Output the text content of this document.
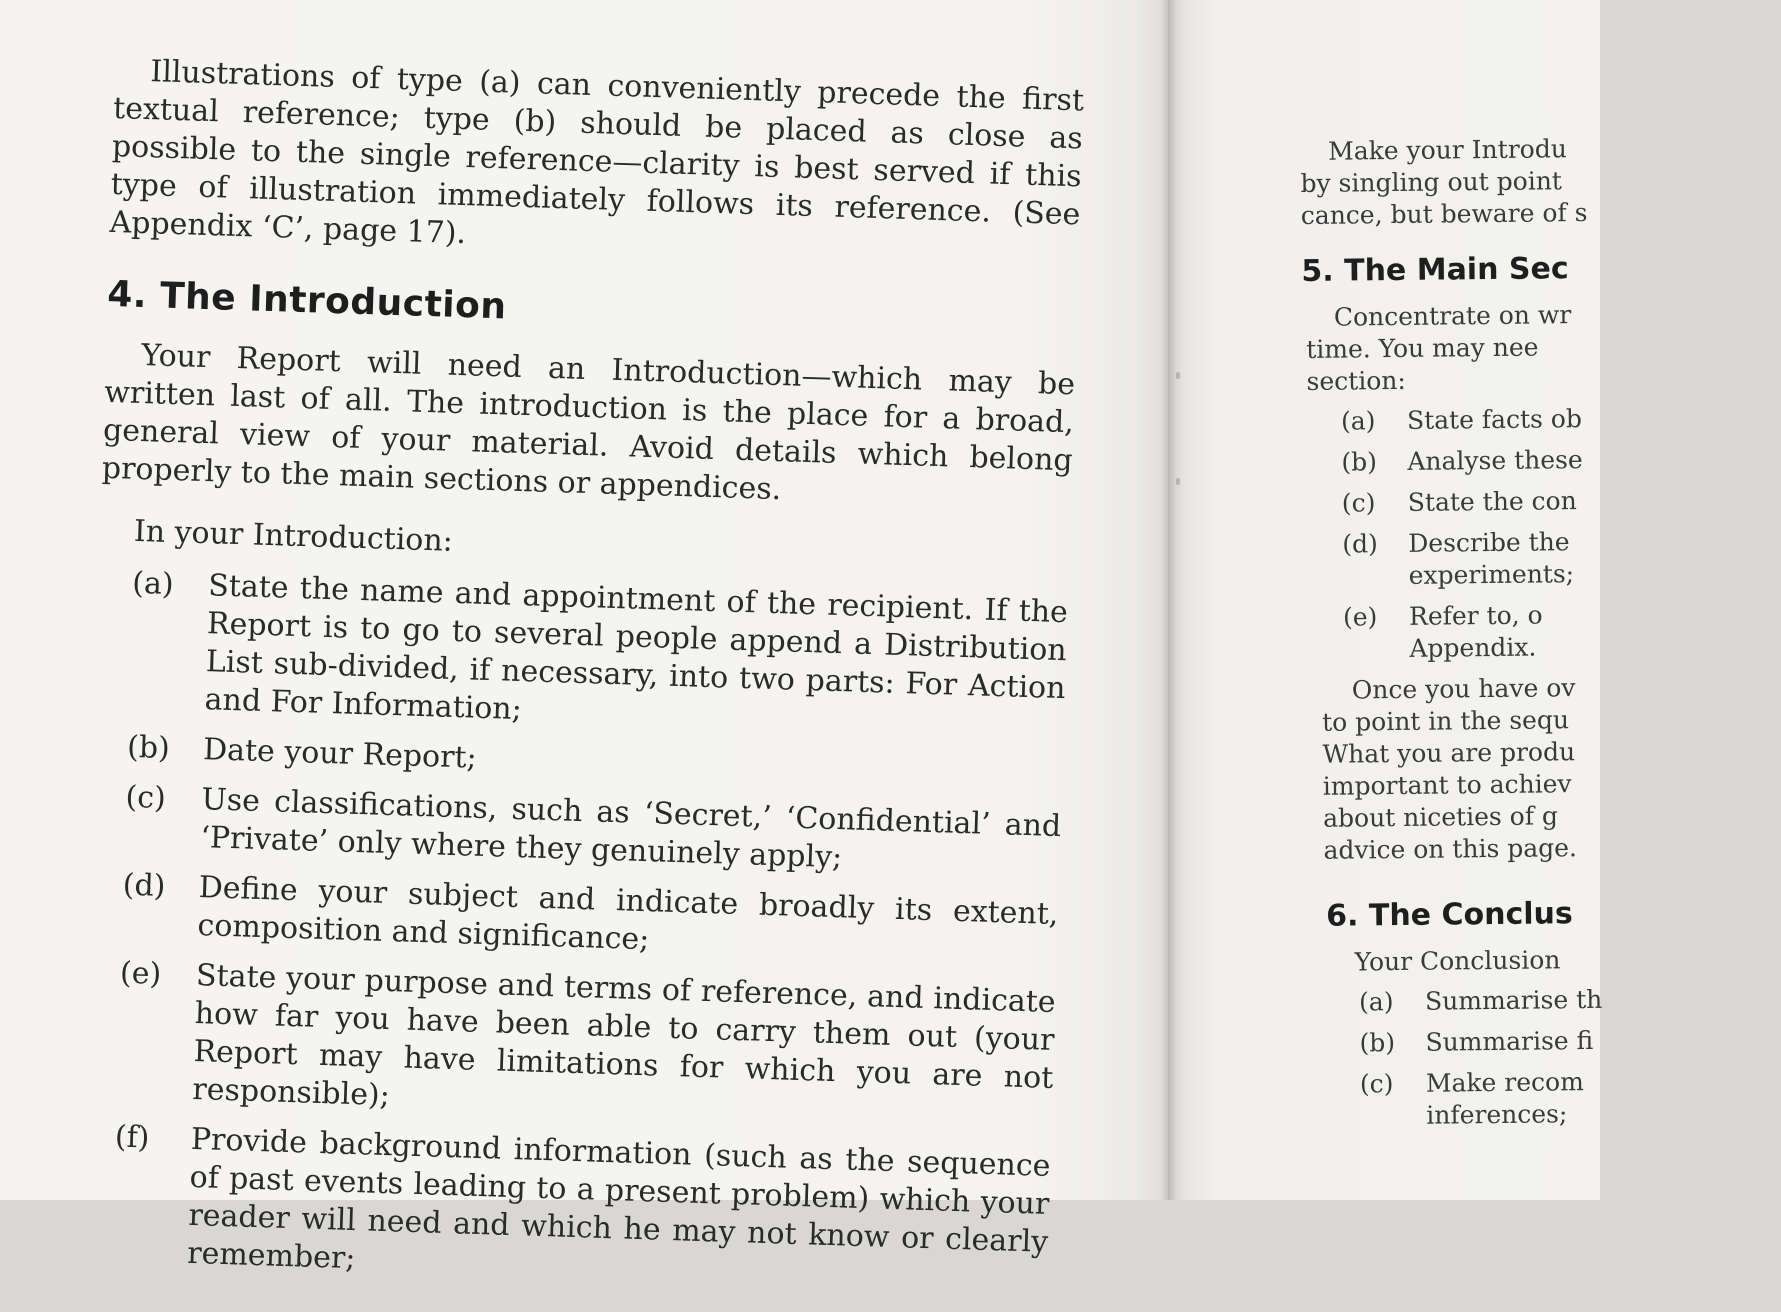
Illustrations of type (a) can conveniently precede the first textual reference; type (b) should be placed as close as possible to the single reference—clarity is best served if this type of illustration immediately follows its reference. (See Appendix ‘C’, page 17).

4. The Introduction

Your Report will need an Introduction—which may be written last of all. The introduction is the place for a broad, general view of your material. Avoid details which belong properly to the main sections or appendices.

In your Introduction:

(a)	State the name and appointment of the recipient. If the Report is to go to several people append a Distribution List sub-divided, if necessary, into two parts: For Action and For Information;
(b)	Date your Report;
(c)	Use classifications, such as ‘Secret,’ ‘Confidential’ and ‘Private’ only where they genuinely apply;
(d)	Define your subject and indicate broadly its extent, composition and significance;
(e)	State your purpose and terms of reference, and indicate how far you have been able to carry them out (your Report may have limitations for which you are not responsible);
(f)	Provide background information (such as the sequence of past events leading to a present problem) which your reader will need and which he may not know or clearly remember;

Make your Introdu

by singling out point

cance, but beware of s

5. The Main Sec

Concentrate on wr

time. You may nee

section:

(a)	State facts ob
(b)	Analyse these
(c)	State the con
(d)	Describe the
experiments;
(e)	Refer to, o
Appendix.

Once you have ov

to point in the sequ

What you are produ

important to achiev

about niceties of g

advice on this page.

6. The Conclus

Your Conclusion

(a)	Summarise th
(b)	Summarise fi
(c)	Make recom
inferences;
